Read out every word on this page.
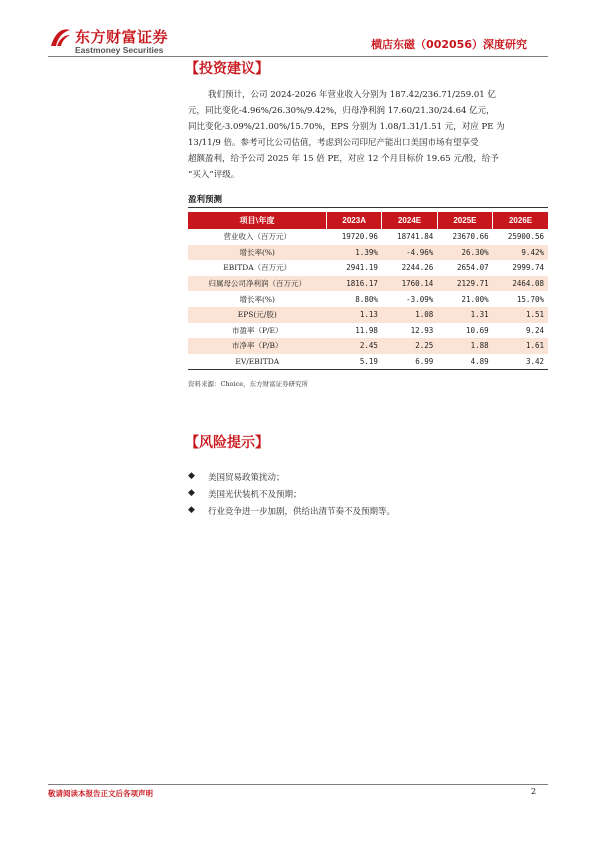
东方财富证券
Eastmoney Securities	横店东磁（002056）深度研究
【投资建议】
我们预计，公司 2024-2026 年营业收入分别为 187.42/236.71/259.01 亿
元，同比变化-4.96%/26.30%/9.42%，归母净利润 17.60/21.30/24.64 亿元，
同比变化-3.09%/21.00%/15.70%，EPS 分别为 1.08/1.31/1.51 元，对应 PE 为
13/11/9 倍。参考可比公司估值，考虑到公司印尼产能出口美国市场有望享受
超额盈利，给予公司 2025 年 15 倍 PE，对应 12 个月目标价 19.65 元/股，给予
“买入”评级。
盈利预测
项目\年度	2023A	2024E	2025E	2026E
营业收入（百万元）	19720.96	18741.84	23670.66	25900.56
增长率(%)	1.39%	-4.96%	26.30%	9.42%
EBITDA（百万元）	2941.19	2244.26	2654.07	2999.74
归属母公司净利润（百万元）	1816.17	1760.14	2129.71	2464.08
增长率(%)	8.80%	-3.09%	21.00%	15.70%
EPS(元/股)	1.13	1.08	1.31	1.51
市盈率（P/E）	11.98	12.93	10.69	9.24
市净率（P/B）	2.45	2.25	1.88	1.61
EV/EBITDA	5.19	6.99	4.89	3.42
资料来源：Choice，东方财富证券研究所
【风险提示】
◆ 美国贸易政策扰动；
◆ 美国光伏装机不及预期；
◆ 行业竞争进一步加剧，供给出清节奏不及预期等。
敬请阅读本报告正文后各项声明	2
